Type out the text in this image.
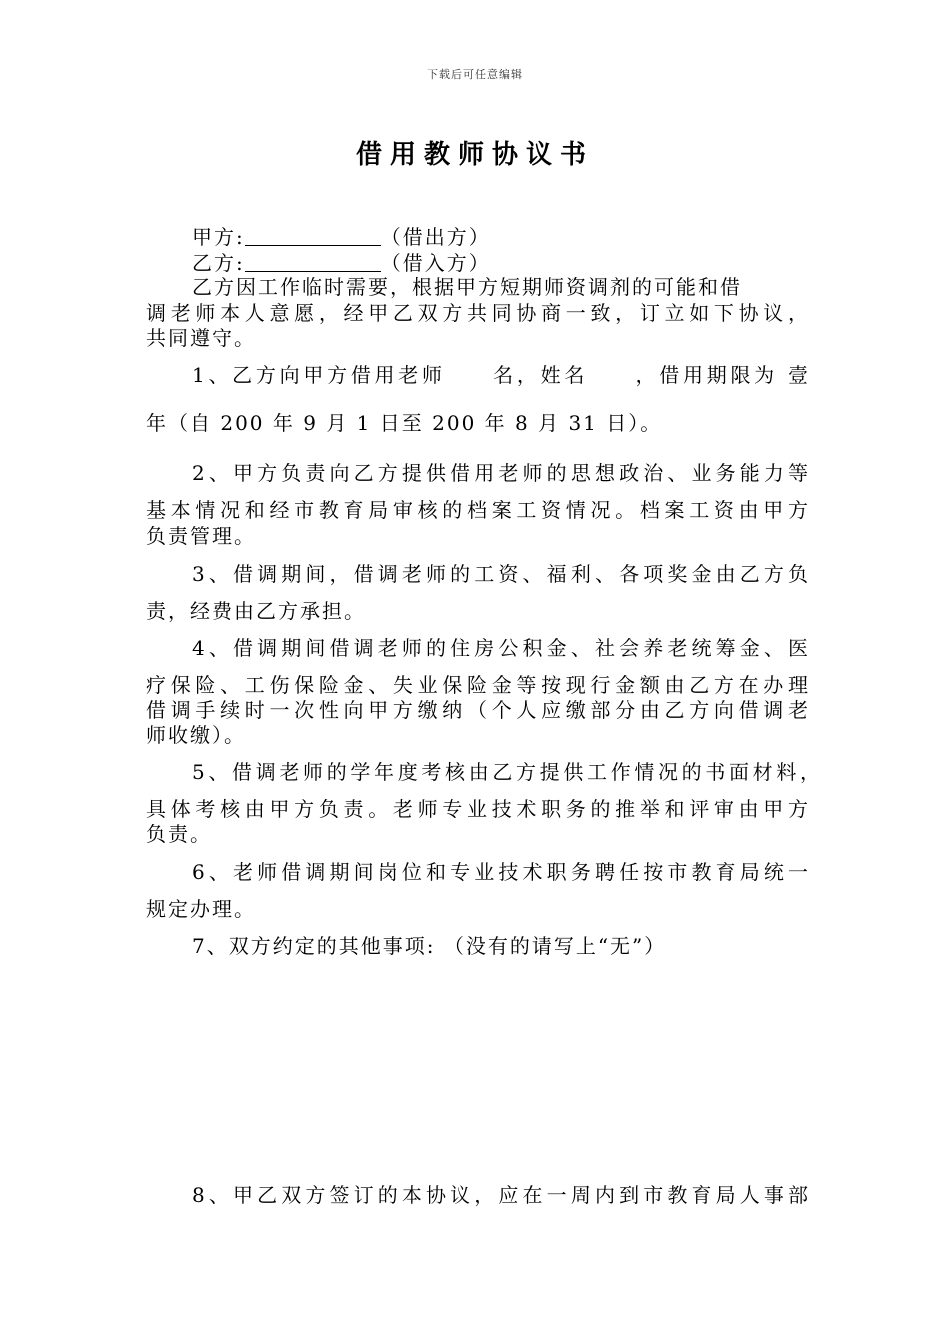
下载后可任意编辑
借用教师协议书
甲方:	（借出方）
乙方:	（借入方）
乙方因工作临时需要，根据甲方短期师资调剂的可能和借
调老师本人意愿，经甲乙双方共同协商一致，订立如下协议，
共同遵守。
1、乙方向甲方借用老师　　名，姓名　　，借用期限为 壹
年（自 200 年 9 月 1 日至 200 年 8 月 31 日）。
2、甲方负责向乙方提供借用老师的思想政治、业务能力等
基本情况和经市教育局审核的档案工资情况。档案工资由甲方
负责管理。
3、借调期间，借调老师的工资、福利、各项奖金由乙方负
责，经费由乙方承担。
4、借调期间借调老师的住房公积金、社会养老统筹金、医
疗保险、工伤保险金、失业保险金等按现行金额由乙方在办理
借调手续时一次性向甲方缴纳（个人应缴部分由乙方向借调老
师收缴）。
5、借调老师的学年度考核由乙方提供工作情况的书面材料，
具体考核由甲方负责。老师专业技术职务的推举和评审由甲方
负责。
6、老师借调期间岗位和专业技术职务聘任按市教育局统一
规定办理。
7、双方约定的其他事项: （没有的请写上“无”）
8、甲乙双方签订的本协议，应在一周内到市教育局人事部
